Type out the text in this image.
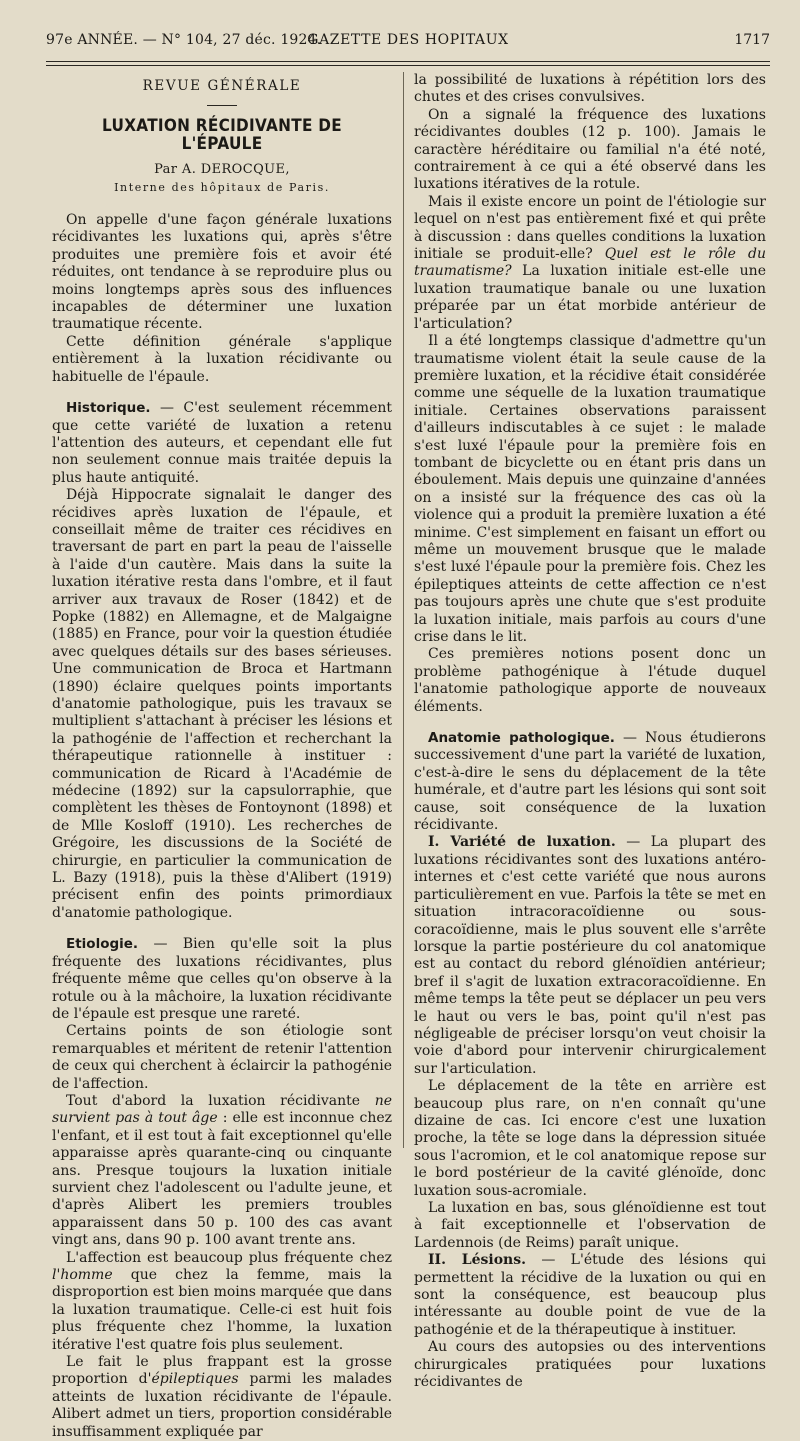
97e ANNÉE. — N° 104, 27 déc. 1924.
GAZETTE DES HOPITAUX	1717
REVUE GÉNÉRALE
LUXATION RÉCIDIVANTE DE L'ÉPAULE
Par A. DEROCQUE,
Interne des hôpitaux de Paris.

On appelle d'une façon générale luxations récidivantes les luxations qui, après s'être produites une première fois et avoir été réduites, ont tendance à se reproduire plus ou moins longtemps après sous des influences incapables de déterminer une luxation traumatique récente.

Cette définition générale s'applique entièrement à la luxation récidivante ou habituelle de l'épaule.

Historique. — C'est seulement récemment que cette variété de luxation a retenu l'attention des auteurs, et cependant elle fut non seulement connue mais traitée depuis la plus haute antiquité.

Déjà Hippocrate signalait le danger des récidives après luxation de l'épaule, et conseillait même de traiter ces récidives en traversant de part en part la peau de l'aisselle à l'aide d'un cautère. Mais dans la suite la luxation itérative resta dans l'ombre, et il faut arriver aux travaux de Roser (1842) et de Popke (1882) en Allemagne, et de Malgaigne (1885) en France, pour voir la question étudiée avec quelques détails sur des bases sérieuses. Une communication de Broca et Hartmann (1890) éclaire quelques points importants d'anatomie pathologique, puis les travaux se multiplient s'attachant à préciser les lésions et la pathogénie de l'affection et recherchant la thérapeutique rationnelle à instituer : communication de Ricard à l'Académie de médecine (1892) sur la capsulorraphie, que complètent les thèses de Fontoynont (1898) et de Mlle Kosloff (1910). Les recherches de Grégoire, les discussions de la Société de chirurgie, en particulier la communication de L. Bazy (1918), puis la thèse d'Alibert (1919) précisent enfin des points primordiaux d'anatomie pathologique.

Etiologie. — Bien qu'elle soit la plus fréquente des luxations récidivantes, plus fréquente même que celles qu'on observe à la rotule ou à la mâchoire, la luxation récidivante de l'épaule est presque une rareté.

Certains points de son étiologie sont remarquables et méritent de retenir l'attention de ceux qui cherchent à éclaircir la pathogénie de l'affection.

Tout d'abord la luxation récidivante ne survient pas à tout âge : elle est inconnue chez l'enfant, et il est tout à fait exceptionnel qu'elle apparaisse après quarante-cinq ou cinquante ans. Presque toujours la luxation initiale survient chez l'adolescent ou l'adulte jeune, et d'après Alibert les premiers troubles apparaissent dans 50 p. 100 des cas avant vingt ans, dans 90 p. 100 avant trente ans.

L'affection est beaucoup plus fréquente chez l'homme que chez la femme, mais la disproportion est bien moins marquée que dans la luxation traumatique. Celle-ci est huit fois plus fréquente chez l'homme, la luxation itérative l'est quatre fois plus seulement.

Le fait le plus frappant est la grosse proportion d'épileptiques parmi les malades atteints de luxation récidivante de l'épaule. Alibert admet un tiers, proportion considérable insuffisamment expliquée par

la possibilité de luxations à répétition lors des chutes et des crises convulsives.

On a signalé la fréquence des luxations récidivantes doubles (12 p. 100). Jamais le caractère héréditaire ou familial n'a été noté, contrairement à ce qui a été observé dans les luxations itératives de la rotule.

Mais il existe encore un point de l'étiologie sur lequel on n'est pas entièrement fixé et qui prête à discussion : dans quelles conditions la luxation initiale se produit-elle? Quel est le rôle du traumatisme? La luxation initiale est-elle une luxation traumatique banale ou une luxation préparée par un état morbide antérieur de l'articulation?

Il a été longtemps classique d'admettre qu'un traumatisme violent était la seule cause de la première luxation, et la récidive était considérée comme une séquelle de la luxation traumatique initiale. Certaines observations paraissent d'ailleurs indiscutables à ce sujet : le malade s'est luxé l'épaule pour la première fois en tombant de bicyclette ou en étant pris dans un éboulement. Mais depuis une quinzaine d'années on a insisté sur la fréquence des cas où la violence qui a produit la première luxation a été minime. C'est simplement en faisant un effort ou même un mouvement brusque que le malade s'est luxé l'épaule pour la première fois. Chez les épileptiques atteints de cette affection ce n'est pas toujours après une chute que s'est produite la luxation initiale, mais parfois au cours d'une crise dans le lit.

Ces premières notions posent donc un problème pathogénique à l'étude duquel l'anatomie pathologique apporte de nouveaux éléments.

Anatomie pathologique. — Nous étudierons successivement d'une part la variété de luxation, c'est-à-dire le sens du déplacement de la tête humérale, et d'autre part les lésions qui sont soit cause, soit conséquence de la luxation récidivante.

I. Variété de luxation. — La plupart des luxations récidivantes sont des luxations antéro-internes et c'est cette variété que nous aurons particulièrement en vue. Parfois la tête se met en situation intracoracoïdienne ou sous-coracoïdienne, mais le plus souvent elle s'arrête lorsque la partie postérieure du col anatomique est au contact du rebord glénoïdien antérieur; bref il s'agit de luxation extracoracoïdienne. En même temps la tête peut se déplacer un peu vers le haut ou vers le bas, point qu'il n'est pas négligeable de préciser lorsqu'on veut choisir la voie d'abord pour intervenir chirurgicalement sur l'articulation.

Le déplacement de la tête en arrière est beaucoup plus rare, on n'en connaît qu'une dizaine de cas. Ici encore c'est une luxation proche, la tête se loge dans la dépression située sous l'acromion, et le col anatomique repose sur le bord postérieur de la cavité glénoïde, donc luxation sous-acromiale.

La luxation en bas, sous glénoïdienne est tout à fait exceptionnelle et l'observation de Lardennois (de Reims) paraît unique.

II. Lésions. — L'étude des lésions qui permettent la récidive de la luxation ou qui en sont la conséquence, est beaucoup plus intéressante au double point de vue de la pathogénie et de la thérapeutique à instituer.

Au cours des autopsies ou des interventions chirurgicales pratiquées pour luxations récidivantes de
